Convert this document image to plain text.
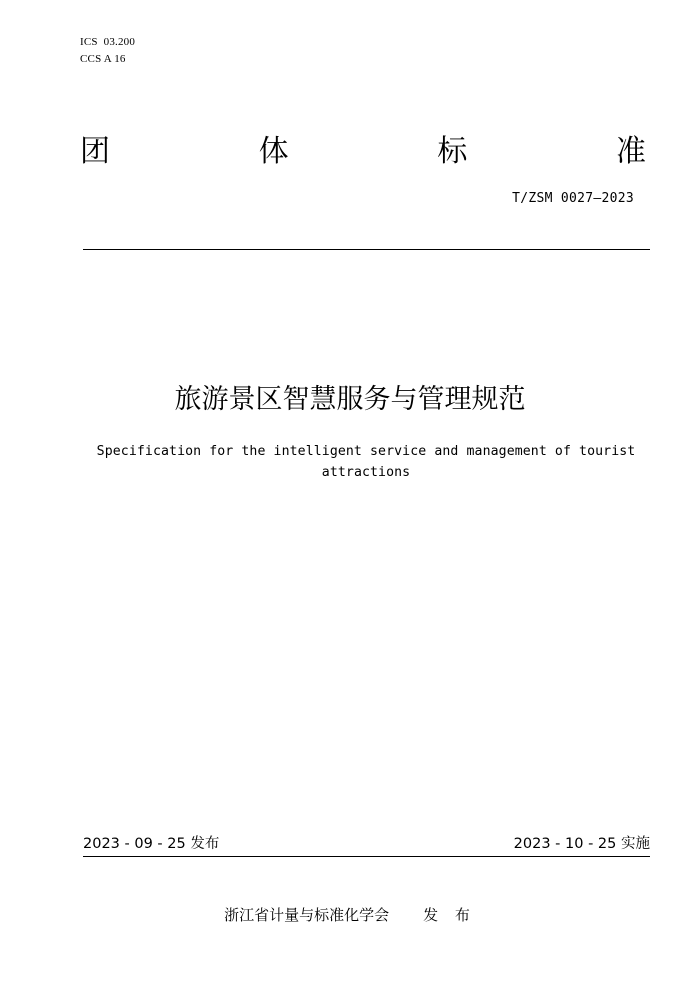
ICS  03.200
CCS A 16
团	体	标	准
T/ZSM 0027—2023
旅游景区智慧服务与管理规范
Specification for the intelligent service and management of tourist
attractions
2023 - 09 - 25 发布	2023 - 10 - 25 实施
浙江省计量与标准化学会 发 布
